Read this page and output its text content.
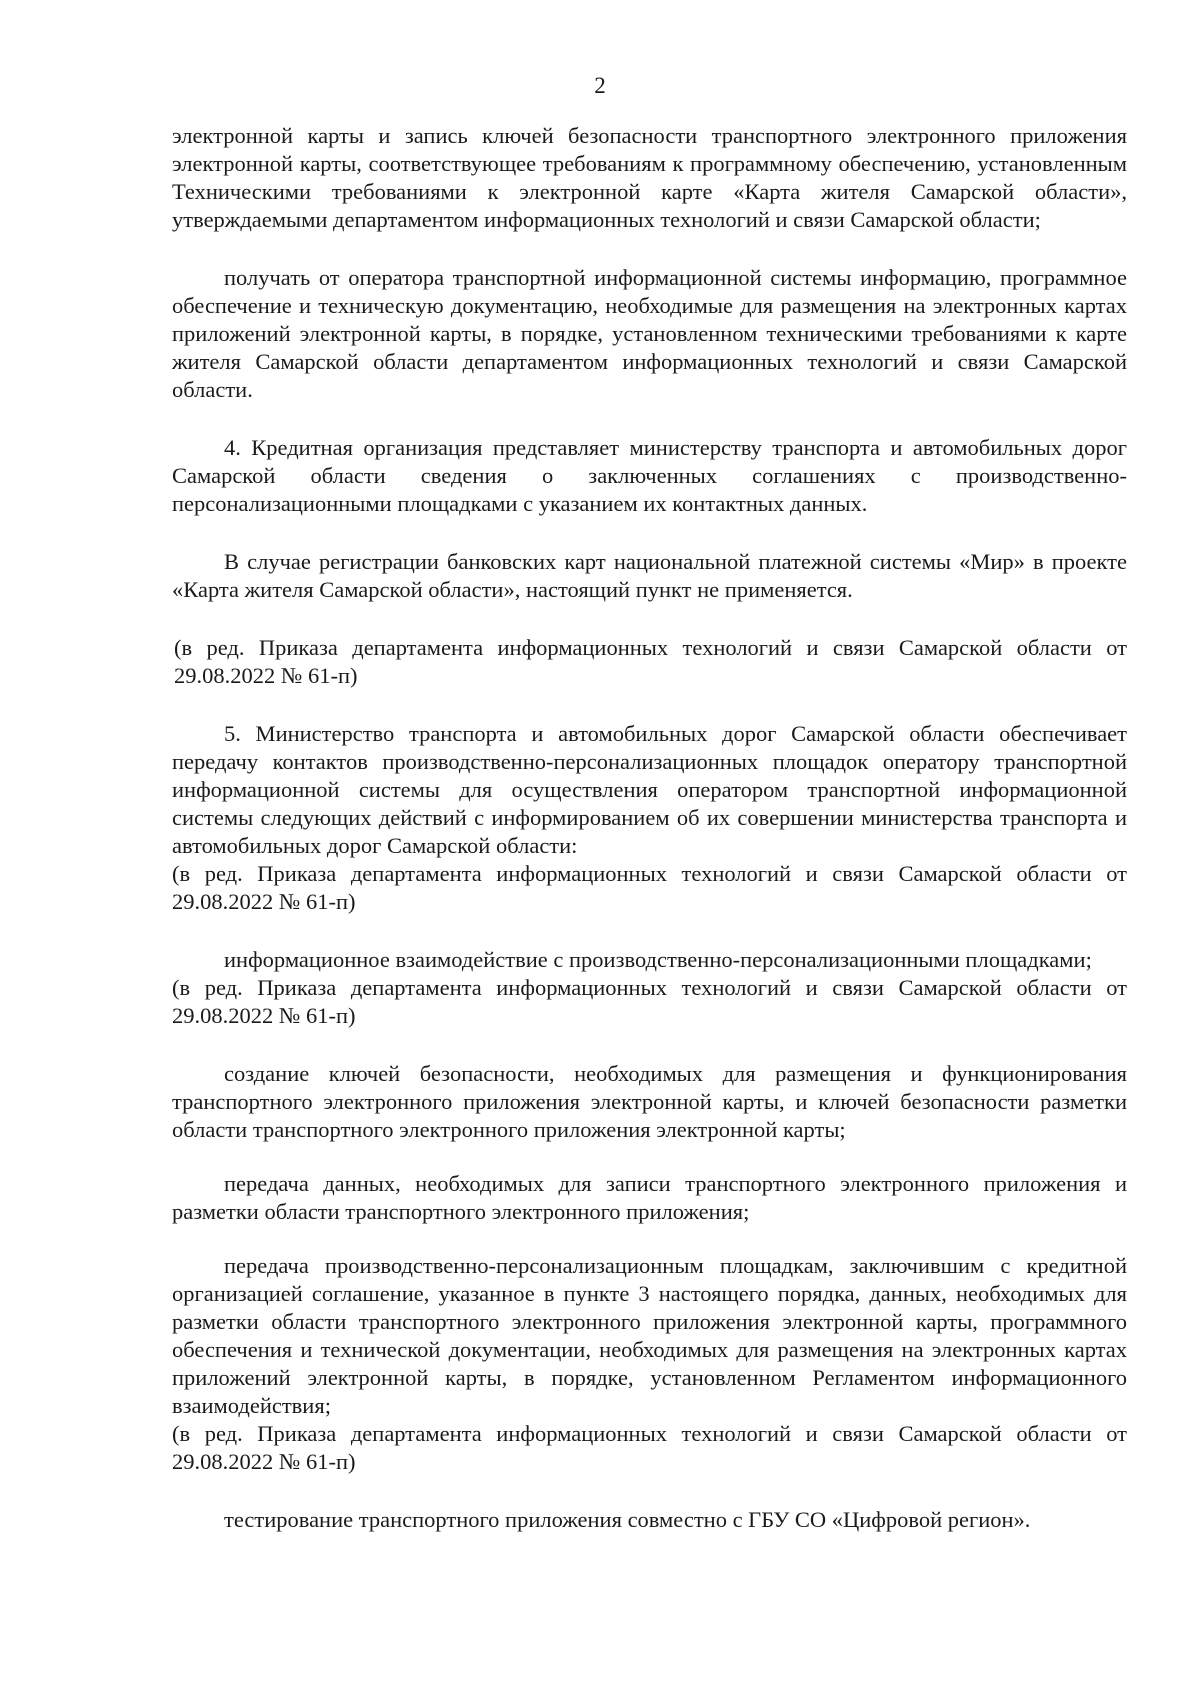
2

электронной карты и запись ключей безопасности транспортного электронного приложения электронной карты, соответствующее требованиям к программному обеспечению, установленным Техническими требованиями к электронной карте «Карта жителя Самарской области», утверждаемыми департаментом информационных технологий и связи Самарской области;

получать от оператора транспортной информационной системы информацию, программное обеспечение и техническую документацию, необходимые для размещения на электронных картах приложений электронной карты, в порядке, установленном техническими требованиями к карте жителя Самарской области департаментом информационных технологий и связи Самарской области.

4. Кредитная организация представляет министерству транспорта и автомобильных дорог Самарской области сведения о заключенных соглашениях с производственно-персонализационными площадками с указанием их контактных данных.

В случае регистрации банковских карт национальной платежной системы «Мир» в проекте «Карта жителя Самарской области», настоящий пункт не применяется.

(в ред. Приказа департамента информационных технологий и связи Самарской области от 29.08.2022 № 61-п)

5. Министерство транспорта и автомобильных дорог Самарской области обеспечивает передачу контактов производственно-персонализационных площадок оператору транспортной информационной системы для осуществления оператором транспортной информационной системы следующих действий с информированием об их совершении министерства транспорта и автомобильных дорог Самарской области:

(в ред. Приказа департамента информационных технологий и связи Самарской области от 29.08.2022 № 61-п)

информационное взаимодействие с производственно-персонализационными площадками;

(в ред. Приказа департамента информационных технологий и связи Самарской области от 29.08.2022 № 61-п)

создание ключей безопасности, необходимых для размещения и функционирования транспортного электронного приложения электронной карты, и ключей безопасности разметки области транспортного электронного приложения электронной карты;

передача данных, необходимых для записи транспортного электронного приложения и разметки области транспортного электронного приложения;

передача производственно-персонализационным площадкам, заключившим с кредитной организацией соглашение, указанное в пункте 3 настоящего порядка, данных, необходимых для разметки области транспортного электронного приложения электронной карты, программного обеспечения и технической документации, необходимых для размещения на электронных картах приложений электронной карты, в порядке, установленном Регламентом информационного взаимодействия;

(в ред. Приказа департамента информационных технологий и связи Самарской области от 29.08.2022 № 61-п)

тестирование транспортного приложения совместно с ГБУ СО «Цифровой регион».
